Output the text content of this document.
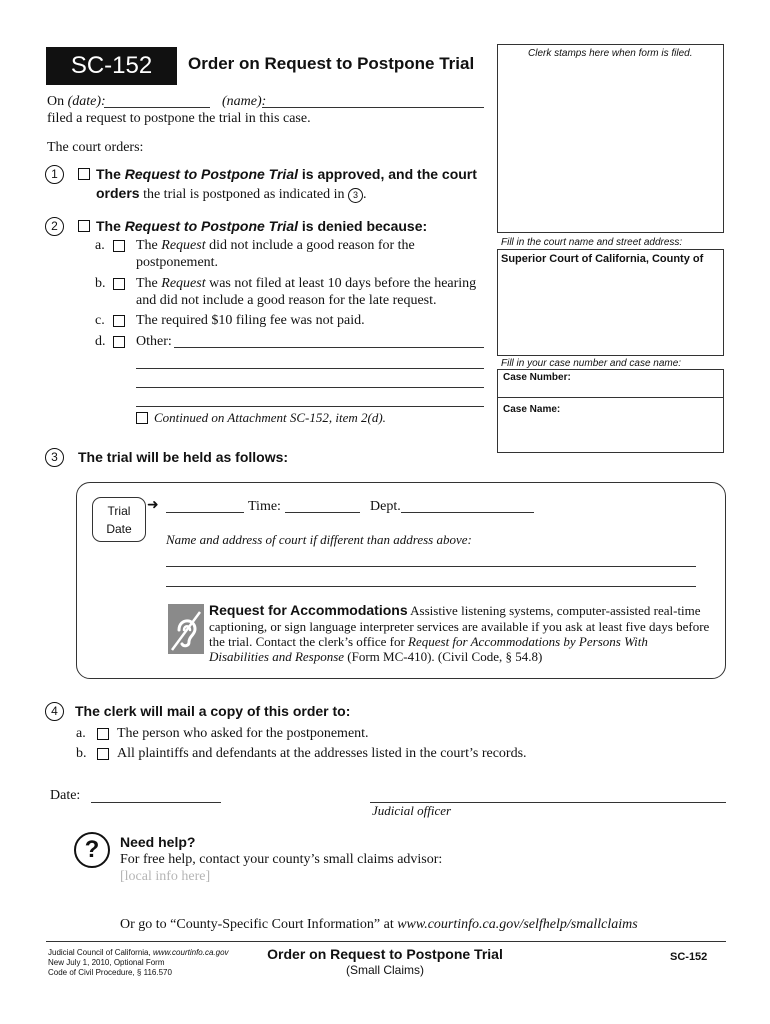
SC-152	Order on Request to Postpone Trial
Clerk stamps here when form is filed.
On (date):	(name):
filed a request to postpone the trial in this case.
The court orders:
1	The Request to Postpone Trial is approved, and the court
orders the trial is postponed as indicated in 3 .
2	The Request to Postpone Trial is denied because:
a. The Request did not include a good reason for the
postponement.
b. The Request was not filed at least 10 days before the hearing
and did not include a good reason for the late request.
c. The required $10 filing fee was not paid.
d. Other:
Continued on Attachment SC-152, item 2(d).
Fill in the court name and street address:
Superior Court of California, County of
Fill in your case number and case name:
Case Number:
Case Name:
3	The trial will be held as follows:
Trial
Date
➜	Time:	Dept.
Name and address of court if different than address above:
Request for Accommodations Assistive listening systems, computer-assisted real-time
captioning, or sign language interpreter services are available if you ask at least five days before
the trial. Contact the clerk’s office for Request for Accommodations by Persons With
Disabilities and Response (Form MC-410). (Civil Code, § 54.8)
4	The clerk will mail a copy of this order to:
a. The person who asked for the postponement.
b. All plaintiffs and defendants at the addresses listed in the court’s records.
Date:
Judicial officer
?	Need help?
For free help, contact your county’s small claims advisor:
[local info here]
Or go to “County-Specific Court Information” at www.courtinfo.ca.gov/selfhelp/smallclaims
Judicial Council of California, www.courtinfo.ca.gov
New July 1, 2010, Optional Form
Code of Civil Procedure, § 116.570
Order on Request to Postpone Trial
(Small Claims)
SC-152
